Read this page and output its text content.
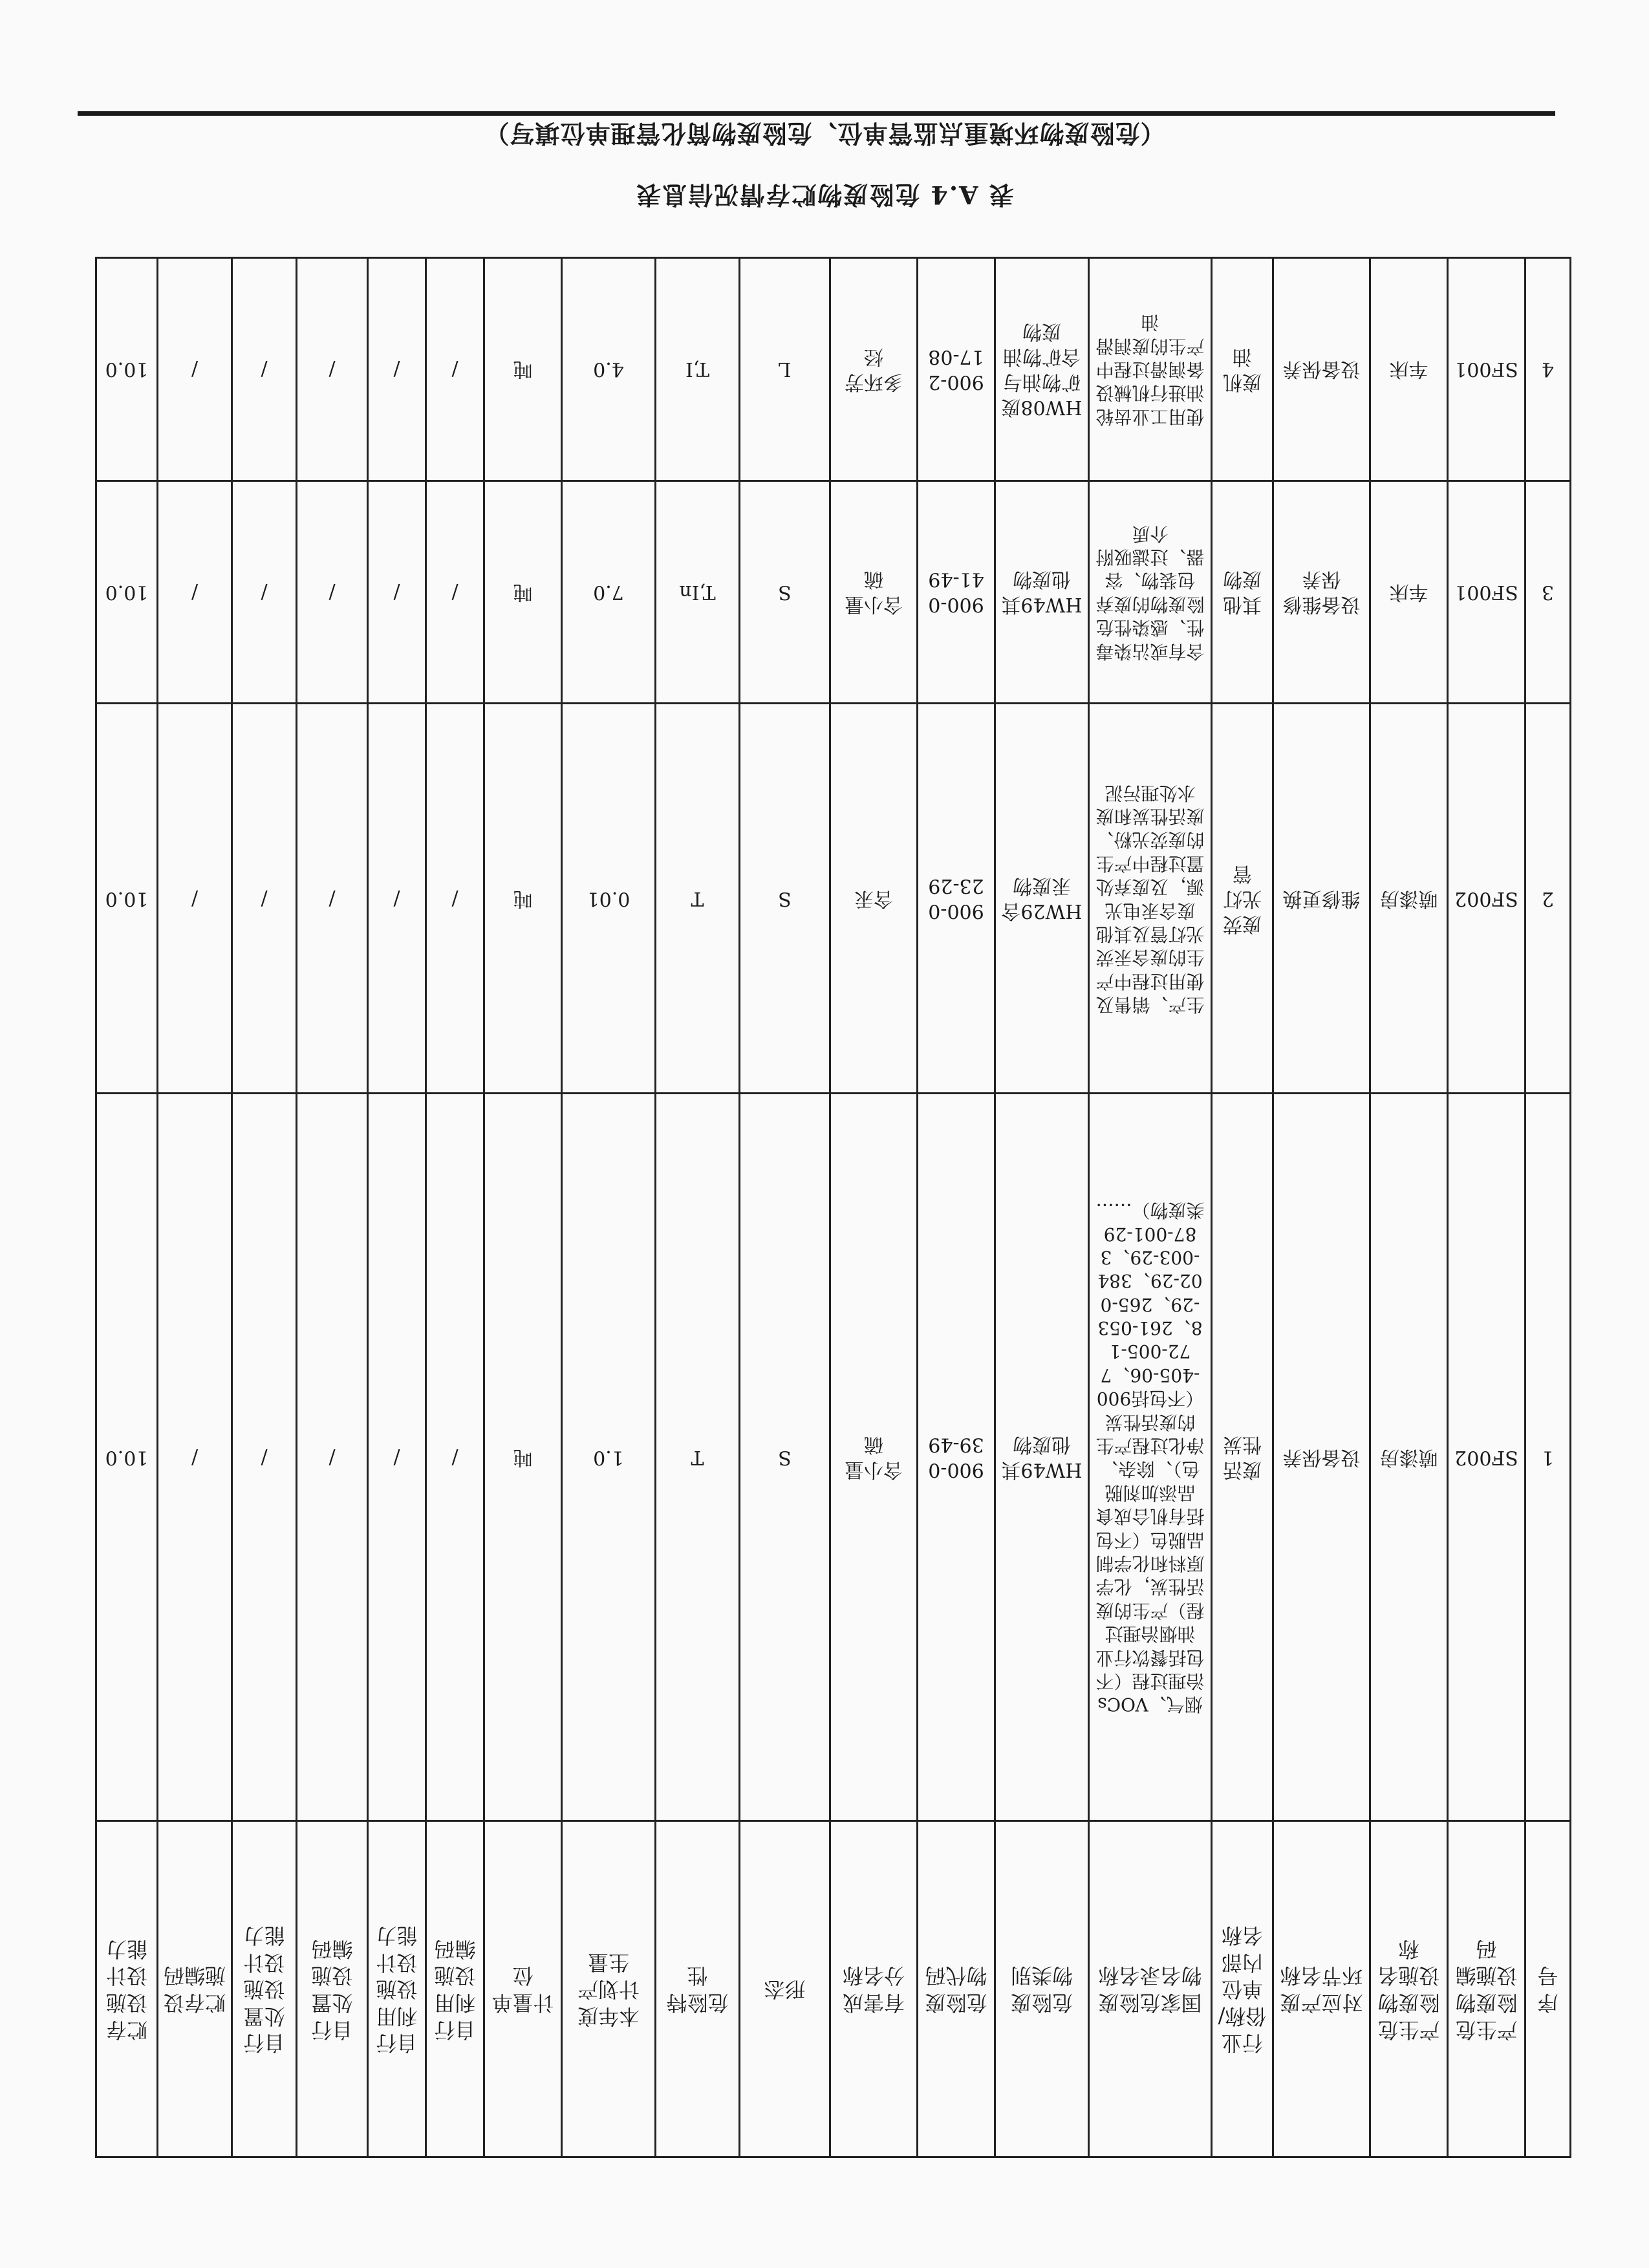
表 A.4 危险废物贮存情况信息表
（危险废物环境重点监管单位、危险废物简化管理单位填写）
序号	产生危险废物设施编码	产生危险废物设施名称	对应产废环节名称	行业俗称/单位内部名称	国家危险废物名录名称	危险废物类别	危险废物代码	有害成分名称	形态	危险特性	本年度计划产生量	计量单位	自行利用设施编码	自行利用设施设计能力	自行处置设施编码	自行处置设施设计能力	贮存设施编码	贮存设施设计能力
1	SF002	喷漆房	设备保养	废活性炭	烟气、VOCs治理过程（不包括餐饮行业油烟治理过程）产生的废活性炭，化学原料和化学制品脱色（不包括有机合成食品添加剂脱色）、除杂、净化过程产生的废活性炭（不包括900-405-06、772-005-18、261-053-29、265-002-29、384-003-29、387-001-29类废物）……	HW49其他废物	900-039-49	含小量硫	S	T	1.0	吨	/	/	/	/	/	10.0
2	SF002	喷漆房	维修更换	废荧光灯管	生产、销售及使用过程中产生的废含汞荧光灯管及其他废含汞电光源，及废弃处置过程中产生的废荧光粉、废活性炭和废水处理污泥	HW29含汞废物	900-023-29	含汞	S	T	0.01	吨	/	/	/	/	/	10.0
3	SF001	车床	设备维修保养	其他废物	含有或沾染毒性、感染性危险废物的废弃包装物、容器、过滤吸附介质	HW49其他废物	900-041-49	含小量硫	S	T,In	7.0	吨	/	/	/	/	/	10.0
4	SF001	车床	设备保养	废机油	使用工业齿轮油进行机械设备润滑过程中产生的废润滑油	HW08废矿物油与含矿物油废物	900-217-08	多环芳烃	L	T,I	4.0	吨	/	/	/	/	/	10.0
